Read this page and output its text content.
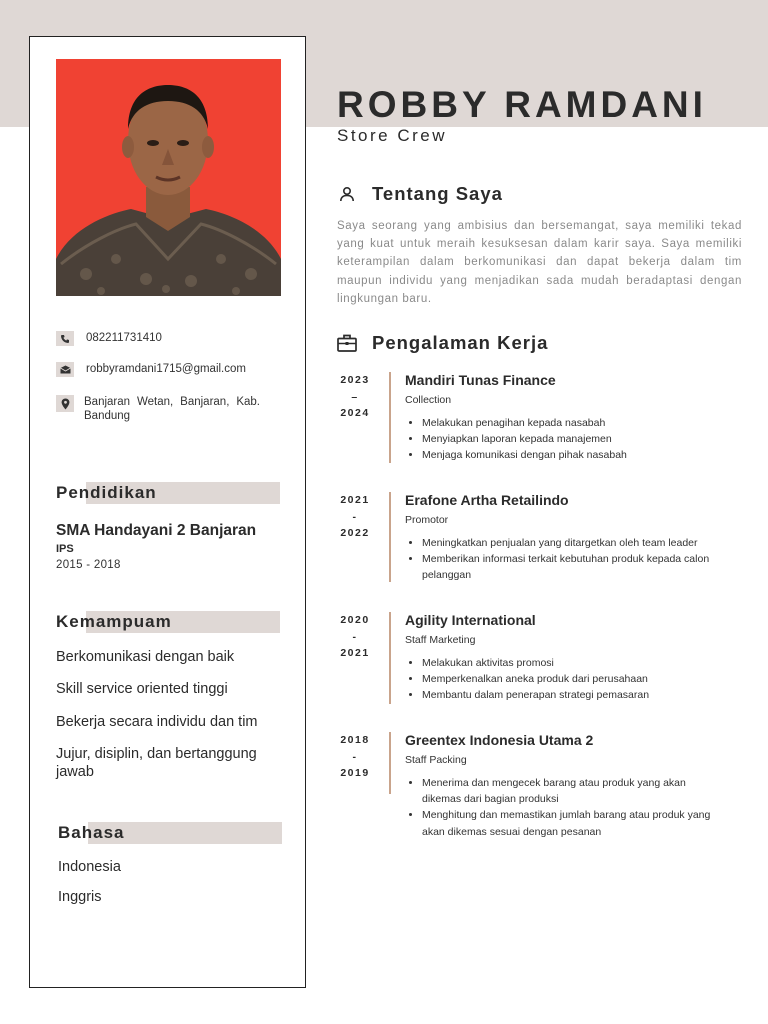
082211731410
robbyramdani1715@gmail.com
Banjaran Wetan, Banjaran, Kab. Bandung
Pendidikan
SMA Handayani 2 Banjaran
IPS
2015 - 2018
Kemampuam
Berkomunikasi dengan baik
Skill service oriented tinggi
Bekerja secara individu dan tim
Jujur, disiplin, dan bertanggung jawab
Bahasa
Indonesia
Inggris
ROBBY RAMDANI
Store Crew
Tentang Saya
Saya seorang yang ambisius dan bersemangat, saya memiliki tekad yang kuat untuk meraih kesuksesan dalam karir saya. Saya memiliki keterampilan dalam berkomunikasi dan dapat bekerja dalam tim maupun individu yang menjadikan sada mudah beradaptasi dengan lingkungan baru.
Pengalaman Kerja
2023
–
2024
Mandiri Tunas Finance
Collection
• Melakukan penagihan kepada nasabah
• Menyiapkan laporan kepada manajemen
• Menjaga komunikasi dengan pihak nasabah
2021
-
2022
Erafone Artha Retailindo
Promotor
• Meningkatkan penjualan yang ditargetkan oleh team leader
• Memberikan informasi terkait kebutuhan produk kepada calon pelanggan
2020
-
2021
Agility International
Staff Marketing
• Melakukan aktivitas promosi
• Memperkenalkan aneka produk dari perusahaan
• Membantu dalam penerapan strategi pemasaran
2018
-
2019
Greentex Indonesia Utama 2
Staff Packing
• Menerima dan mengecek barang atau produk yang akan dikemas dari bagian produksi
• Menghitung dan memastikan jumlah barang atau produk yang akan dikemas sesuai dengan pesanan
